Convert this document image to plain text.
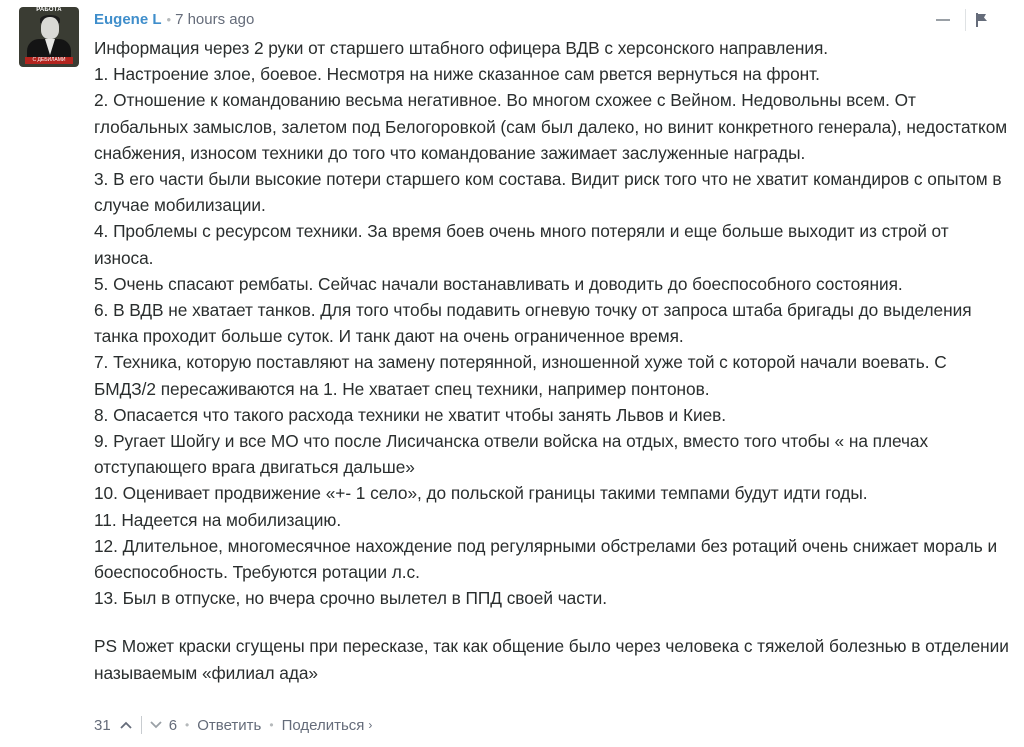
РАБОТА
С ДЕБИЛАМИ
Eugene L • 7 hours ago

Информация через 2 руки от старшего штабного офицера ВДВ с херсонского направления.

1. Настроение злое, боевое. Несмотря на ниже сказанное сам рвется вернуться на фронт.

2. Отношение к командованию весьма негативное. Во многом схожее с Вейном. Недовольны всем. От глобальных замыслов, залетом под Белогоровкой (сам был далеко, но винит конкретного генерала), недостатком снабжения, износом техники до того что командование зажимает заслуженные награды.

3. В его части были высокие потери старшего ком состава. Видит риск того что не хватит командиров с опытом в случае мобилизации.

4. Проблемы с ресурсом техники. За время боев очень много потеряли и еще больше выходит из строй от износа.

5. Очень спасают рембаты. Сейчас начали востанавливать и доводить до боеспособного состояния.

6. В ВДВ не хватает танков. Для того чтобы подавить огневую точку от запроса штаба бригады до выделения танка проходит больше суток. И танк дают на очень ограниченное время.

7. Техника, которую поставляют на замену потерянной, изношенной хуже той с которой начали воевать. С БМДЗ/2 пересаживаются на 1. Не хватает спец техники, например понтонов.

8. Опасается что такого расхода техники не хватит чтобы занять Львов и Киев.

9. Ругает Шойгу и все МО что после Лисичанска отвели войска на отдых, вместо того чтобы « на плечах отступающего врага двигаться дальше»

10. Оценивает продвижение «+- 1 село», до польской границы такими темпами будут идти годы.

11. Надеется на мобилизацию.

12. Длительное, многомесячное нахождение под регулярными обстрелами без ротаций очень снижает мораль и боеспособность. Требуются ротации л.с.

13. Был в отпуске, но вчера срочно вылетел в ППД своей части.

PS Может краски сгущены при пересказе, так как общение было через человека с тяжелой болезнью в отделении называемым «филиал ада»

31	6 • Ответить • Поделиться ›
